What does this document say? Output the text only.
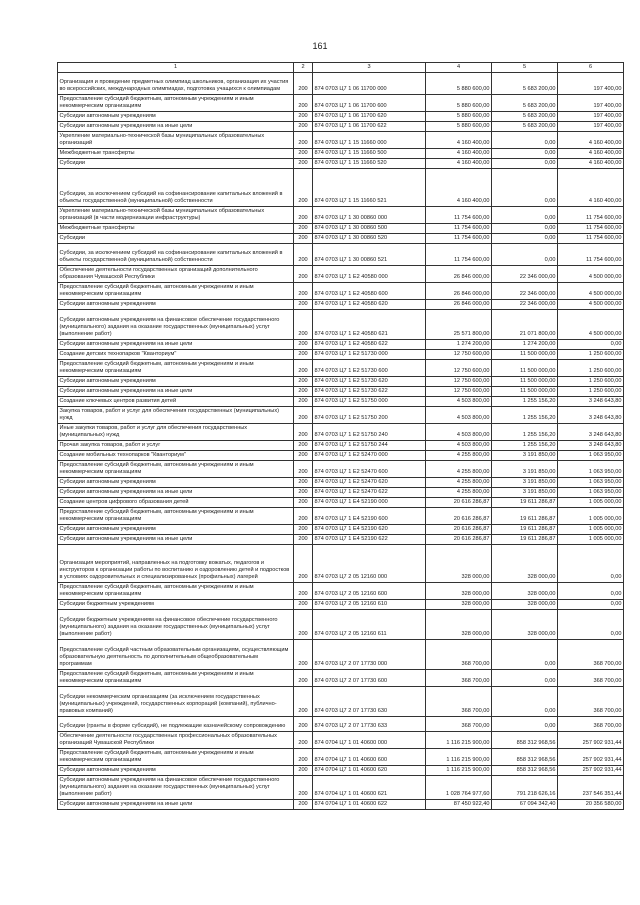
161
1	2	3	4	5	6
Организация и проведение предметных олимпиад школьников, организация их участия во всероссийских, международных олимпиадах, подготовка учащихся к олимпиадам	200	874 0703 Ц7 1 06 11700 000	5 880 600,00	5 683 200,00	197 400,00
Предоставление субсидий бюджетным, автономным учреждениям и иным некоммерческим организациям	200	874 0703 Ц7 1 06 11700 600	5 880 600,00	5 683 200,00	197 400,00
Субсидии автономным учреждениям	200	874 0703 Ц7 1 06 11700 620	5 880 600,00	5 683 200,00	197 400,00
Субсидии автономным учреждениям на иные цели	200	874 0703 Ц7 1 06 11700 622	5 880 600,00	5 683 200,00	197 400,00
Укрепление материально-технической базы муниципальных образовательных организаций	200	874 0703 Ц7 1 15 11660 000	4 160 400,00	0,00	4 160 400,00
Межбюджетные трансферты	200	874 0703 Ц7 1 15 11660 500	4 160 400,00	0,00	4 160 400,00
Субсидии	200	874 0703 Ц7 1 15 11660 520	4 160 400,00	0,00	4 160 400,00
Субсидии, за исключением субсидий на софинансирование капитальных вложений в объекты государственной (муниципальной) собственности	200	874 0703 Ц7 1 15 11660 521	4 160 400,00	0,00	4 160 400,00
Укрепление материально-технической базы муниципальных образовательных организаций (в части модернизации инфраструктуры)	200	874 0703 Ц7 1 30 00860 000	11 754 600,00	0,00	11 754 600,00
Межбюджетные трансферты	200	874 0703 Ц7 1 30 00860 500	11 754 600,00	0,00	11 754 600,00
Субсидии	200	874 0703 Ц7 1 30 00860 520	11 754 600,00	0,00	11 754 600,00
Субсидии, за исключением субсидий на софинансирование капитальных вложений в объекты государственной (муниципальной) собственности	200	874 0703 Ц7 1 30 00860 521	11 754 600,00	0,00	11 754 600,00
Обеспечение деятельности государственных организаций дополнительного образования Чувашской Республики	200	874 0703 Ц7 1 Е2 40580 000	26 846 000,00	22 346 000,00	4 500 000,00
Предоставление субсидий бюджетным, автономным учреждениям и иным некоммерческим организациям	200	874 0703 Ц7 1 Е2 40580 600	26 846 000,00	22 346 000,00	4 500 000,00
Субсидии автономным учреждениям	200	874 0703 Ц7 1 Е2 40580 620	26 846 000,00	22 346 000,00	4 500 000,00
Субсидии автономным учреждениям на финансовое обеспечение государственного (муниципального) задания на оказание государственных (муниципальных) услуг (выполнение работ)	200	874 0703 Ц7 1 Е2 40580 621	25 571 800,00	21 071 800,00	4 500 000,00
Субсидии автономным учреждениям на иные цели	200	874 0703 Ц7 1 Е2 40580 622	1 274 200,00	1 274 200,00	0,00
Создание детских технопарков "Кванториум"	200	874 0703 Ц7 1 Е2 51730 000	12 750 600,00	11 500 000,00	1 250 600,00
Предоставление субсидий бюджетным, автономным учреждениям и иным некоммерческим организациям	200	874 0703 Ц7 1 Е2 51730 600	12 750 600,00	11 500 000,00	1 250 600,00
Субсидии автономным учреждениям	200	874 0703 Ц7 1 Е2 51730 620	12 750 600,00	11 500 000,00	1 250 600,00
Субсидии автономным учреждениям на иные цели	200	874 0703 Ц7 1 Е2 51730 622	12 750 600,00	11 500 000,00	1 250 600,00
Создание ключевых центров развития детей	200	874 0703 Ц7 1 Е2 51750 000	4 503 800,00	1 255 156,20	3 248 643,80
Закупка товаров, работ и услуг для обеспечения государственных (муниципальных) нужд	200	874 0703 Ц7 1 Е2 51750 200	4 503 800,00	1 255 156,20	3 248 643,80
Иные закупки товаров, работ и услуг для обеспечения государственных (муниципальных) нужд	200	874 0703 Ц7 1 Е2 51750 240	4 503 800,00	1 255 156,20	3 248 643,80
Прочая закупка товаров, работ и услуг	200	874 0703 Ц7 1 Е2 51750 244	4 503 800,00	1 255 156,20	3 248 643,80
Создание мобильных технопарков "Кванториум"	200	874 0703 Ц7 1 Е2 52470 000	4 255 800,00	3 191 850,00	1 063 950,00
Предоставление субсидий бюджетным, автономным учреждениям и иным некоммерческим организациям	200	874 0703 Ц7 1 Е2 52470 600	4 255 800,00	3 191 850,00	1 063 950,00
Субсидии автономным учреждениям	200	874 0703 Ц7 1 Е2 52470 620	4 255 800,00	3 191 850,00	1 063 950,00
Субсидии автономным учреждениям на иные цели	200	874 0703 Ц7 1 Е2 52470 622	4 255 800,00	3 191 850,00	1 063 950,00
Создание центров цифрового образования детей	200	874 0703 Ц7 1 Е4 52190 000	20 616 286,87	19 611 286,87	1 005 000,00
Предоставление субсидий бюджетным, автономным учреждениям и иным некоммерческим организациям	200	874 0703 Ц7 1 Е4 52190 600	20 616 286,87	19 611 286,87	1 005 000,00
Субсидии автономным учреждениям	200	874 0703 Ц7 1 Е4 52190 620	20 616 286,87	19 611 286,87	1 005 000,00
Субсидии автономным учреждениям на иные цели	200	874 0703 Ц7 1 Е4 52190 622	20 616 286,87	19 611 286,87	1 005 000,00
Организация мероприятий, направленных на подготовку вожатых, педагогов и инструкторов к организации работы по воспитанию и оздоровлению детей и подростков в условиях оздоровительных и специализированных (профильных) лагерей	200	874 0703 Ц7 2 05 12160 000	328 000,00	328 000,00	0,00
Предоставление субсидий бюджетным, автономным учреждениям и иным некоммерческим организациям	200	874 0703 Ц7 2 05 12160 600	328 000,00	328 000,00	0,00
Субсидии бюджетным учреждениям	200	874 0703 Ц7 2 05 12160 610	328 000,00	328 000,00	0,00
Субсидии бюджетным учреждениям на финансовое обеспечение государственного (муниципального) задания на оказание государственных (муниципальных) услуг (выполнение работ)	200	874 0703 Ц7 2 05 12160 611	328 000,00	328 000,00	0,00
Предоставление субсидий частным образовательным организациям, осуществляющим образовательную деятельность по дополнительным общеобразовательным программам	200	874 0703 Ц7 2 07 17730 000	368 700,00	0,00	368 700,00
Предоставление субсидий бюджетным, автономным учреждениям и иным некоммерческим организациям	200	874 0703 Ц7 2 07 17730 600	368 700,00	0,00	368 700,00
Субсидии некоммерческим организациям (за исключением государственных (муниципальных) учреждений, государственных корпораций (компаний), публично-правовых компаний)	200	874 0703 Ц7 2 07 17730 630	368 700,00	0,00	368 700,00
Субсидии (гранты в форме субсидий), не подлежащие казначейскому сопровождению	200	874 0703 Ц7 2 07 17730 633	368 700,00	0,00	368 700,00
Обеспечение деятельности государственных профессиональных образовательных организаций Чувашской Республики	200	874 0704 Ц7 1 01 40600 000	1 116 215 900,00	858 312 968,56	257 902 931,44
Предоставление субсидий бюджетным, автономным учреждениям и иным некоммерческим организациям	200	874 0704 Ц7 1 01 40600 600	1 116 215 900,00	858 312 968,56	257 902 931,44
Субсидии автономным учреждениям	200	874 0704 Ц7 1 01 40600 620	1 116 215 900,00	858 312 968,56	257 902 931,44
Субсидии автономным учреждениям на финансовое обеспечение государственного (муниципального) задания на оказание государственных (муниципальных) услуг (выполнение работ)	200	874 0704 Ц7 1 01 40600 621	1 028 764 977,60	791 218 626,16	237 546 351,44
Субсидии автономным учреждениям на иные цели	200	874 0704 Ц7 1 01 40600 622	87 450 922,40	67 094 342,40	20 356 580,00
